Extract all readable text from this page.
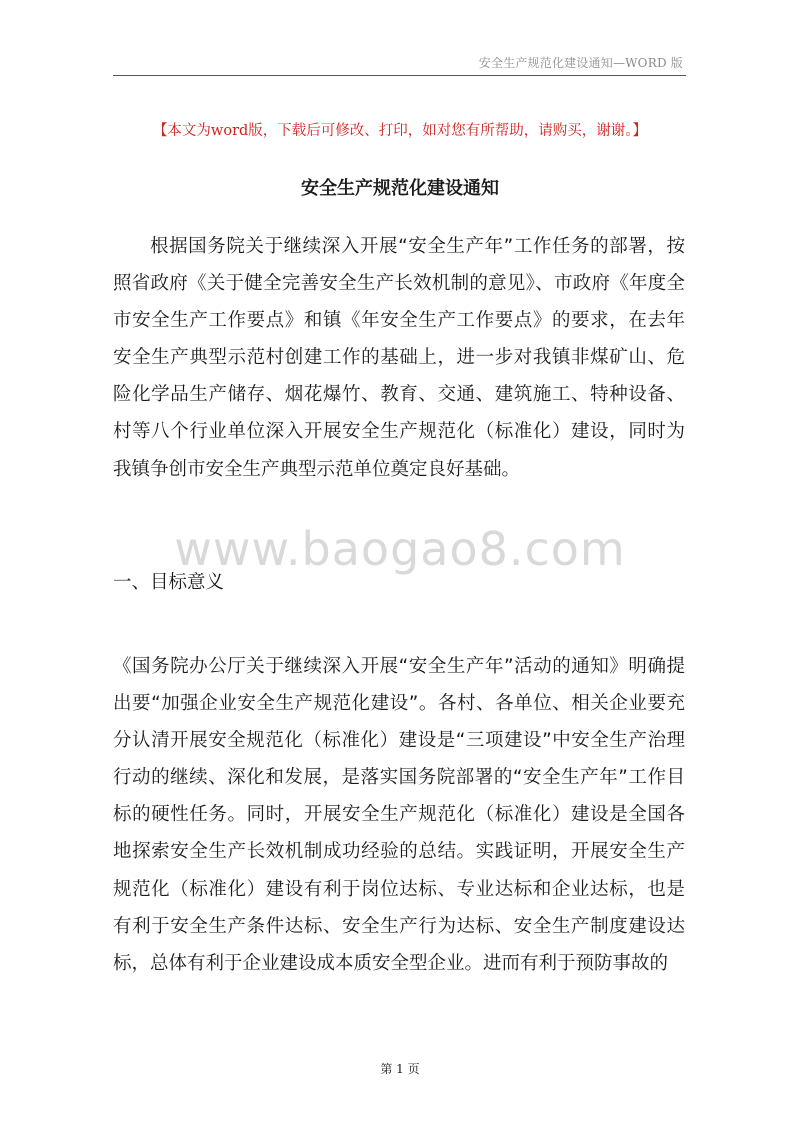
安全生产规范化建设通知—WORD 版
【本文为word版，下载后可修改、打印，如对您有所帮助，请购买，谢谢。】
安全生产规范化建设通知

根据国务院关于继续深入开展“安全生产年”工作任务的部署，按照省政府《关于健全完善安全生产长效机制的意见》、市政府《年度全市安全生产工作要点》和镇《年安全生产工作要点》的要求，在去年安全生产典型示范村创建工作的基础上，进一步对我镇非煤矿山、危险化学品生产储存、烟花爆竹、教育、交通、建筑施工、特种设备、村等八个行业单位深入开展安全生产规范化（标准化）建设，同时为我镇争创市安全生产典型示范单位奠定良好基础。

www.baogao8.com

一、目标意义

《国务院办公厅关于继续深入开展“安全生产年”活动的通知》明确提出要“加强企业安全生产规范化建设”。各村、各单位、相关企业要充分认清开展安全规范化（标准化）建设是“三项建设”中安全生产治理行动的继续、深化和发展，是落实国务院部署的“安全生产年”工作目标的硬性任务。同时，开展安全生产规范化（标准化）建设是全国各地探索安全生产长效机制成功经验的总结。实践证明，开展安全生产规范化（标准化）建设有利于岗位达标、专业达标和企业达标，也是有利于安全生产条件达标、安全生产行为达标、安全生产制度建设达标，总体有利于企业建设成本质安全型企业。进而有利于预防事故的

第 1 页
